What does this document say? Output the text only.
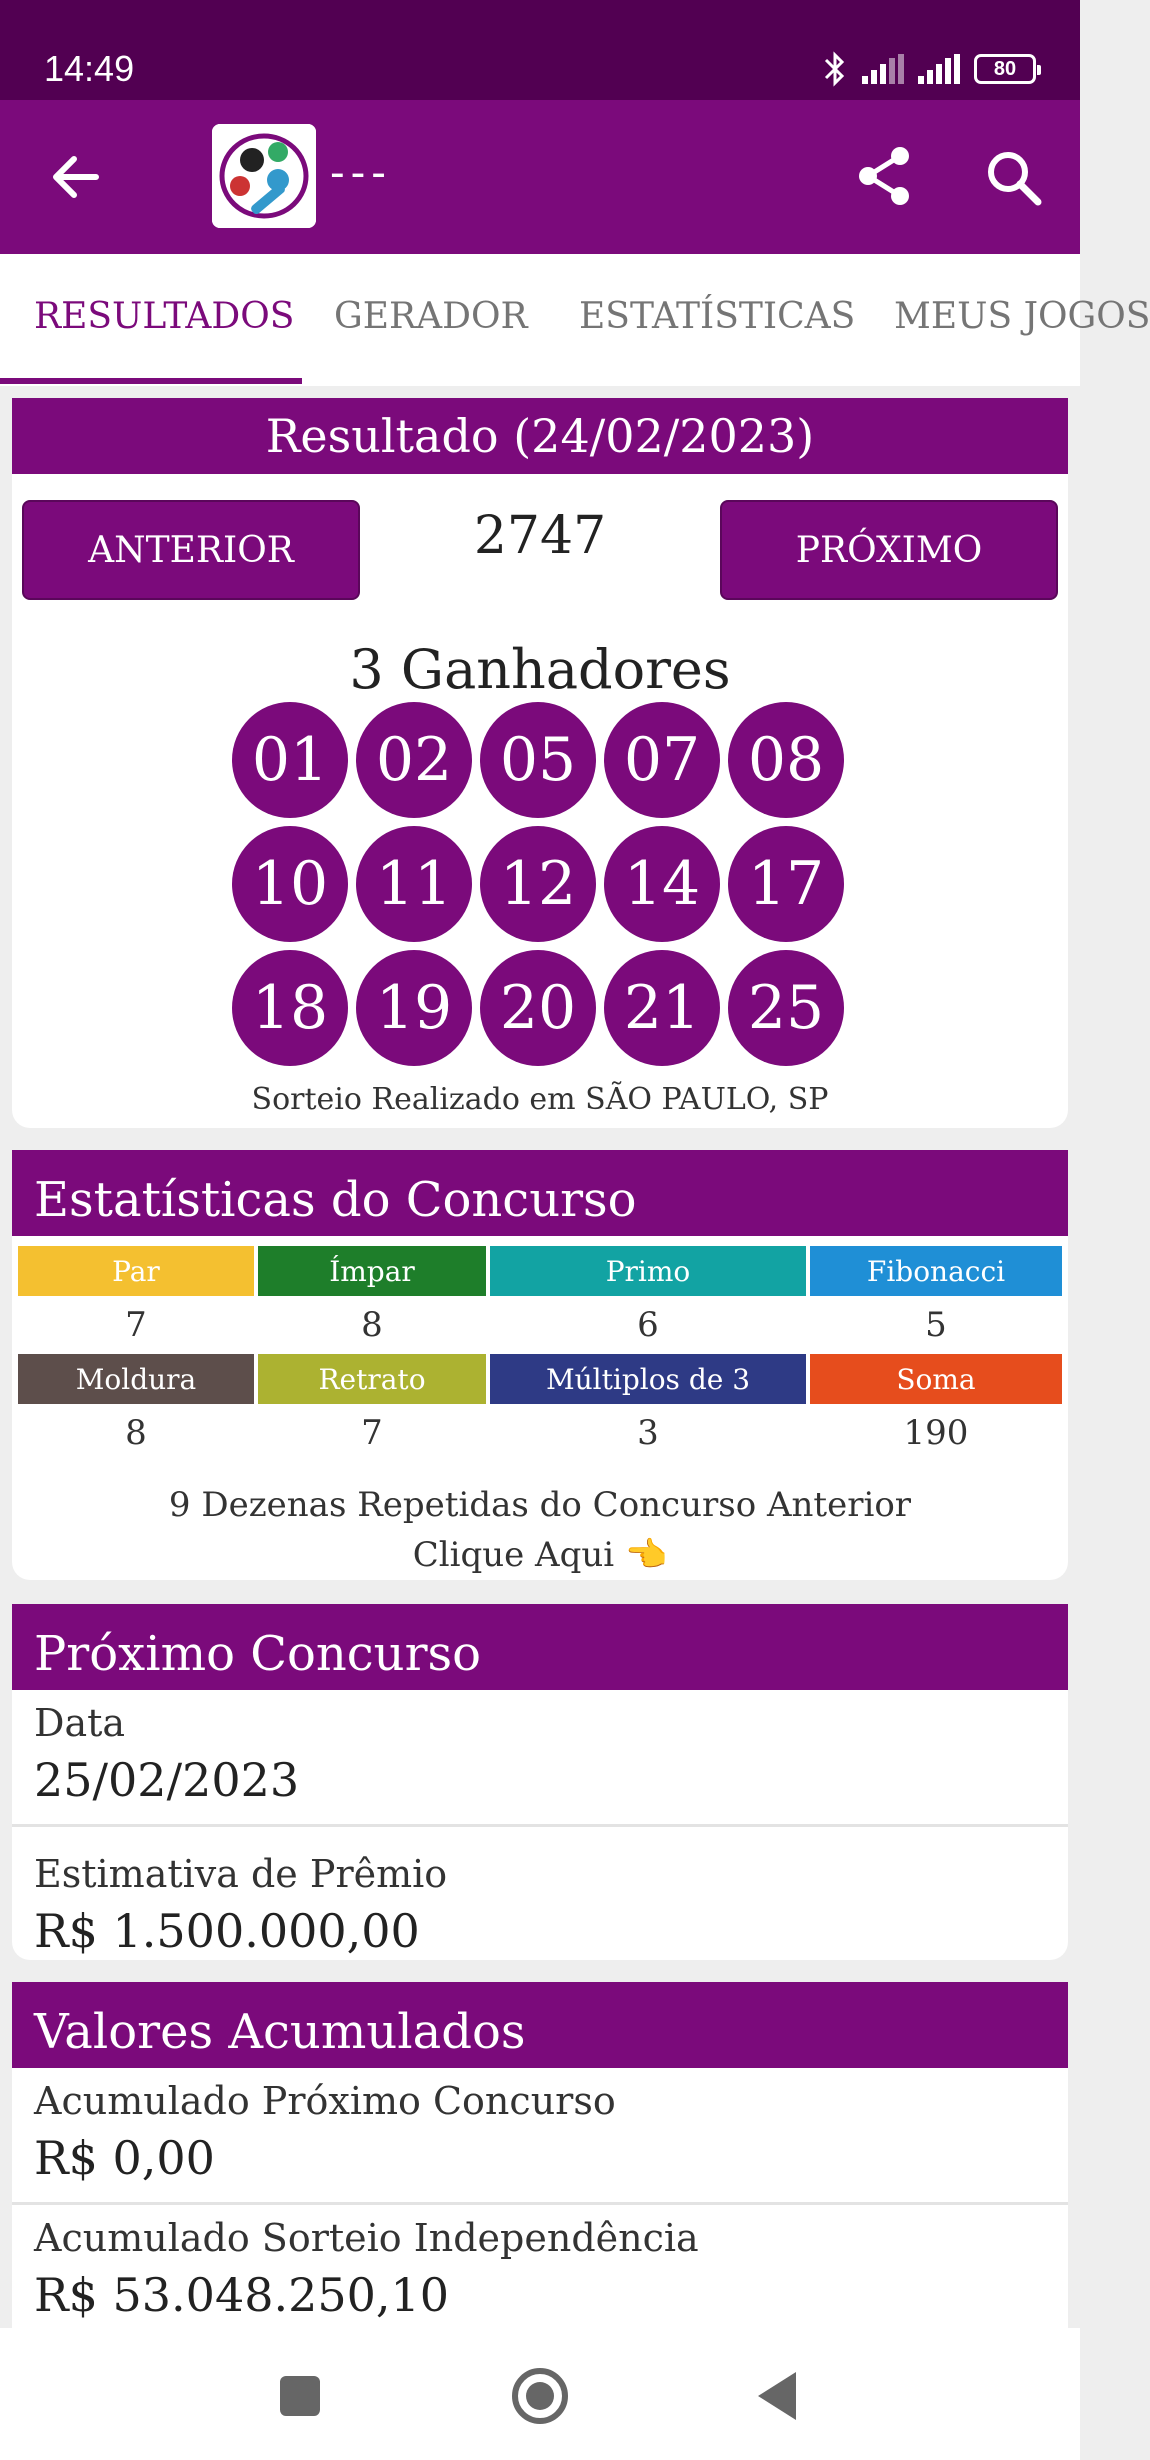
14:49	80
---
RESULTADOS GERADOR ESTATÍSTICAS MEUS JOGOS
Resultado (24/02/2023)
ANTERIOR	2747	PRÓXIMO
3 Ganhadores
01 02 05 07 08
10 11 12 14 17
18 19 20 21 25
Sorteio Realizado em SÃO PAULO, SP
Estatísticas do Concurso
Par	Ímpar	Primo	Fibonacci
7	8	6	5
Moldura	Retrato	Múltiplos de 3	Soma
8	7	3	190
9 Dezenas Repetidas do Concurso Anterior
Clique Aqui 👈
Próximo Concurso
Data
25/02/2023
Estimativa de Prêmio
R$ 1.500.000,00
Valores Acumulados
Acumulado Próximo Concurso
R$ 0,00
Acumulado Sorteio Independência
R$ 53.048.250,10
